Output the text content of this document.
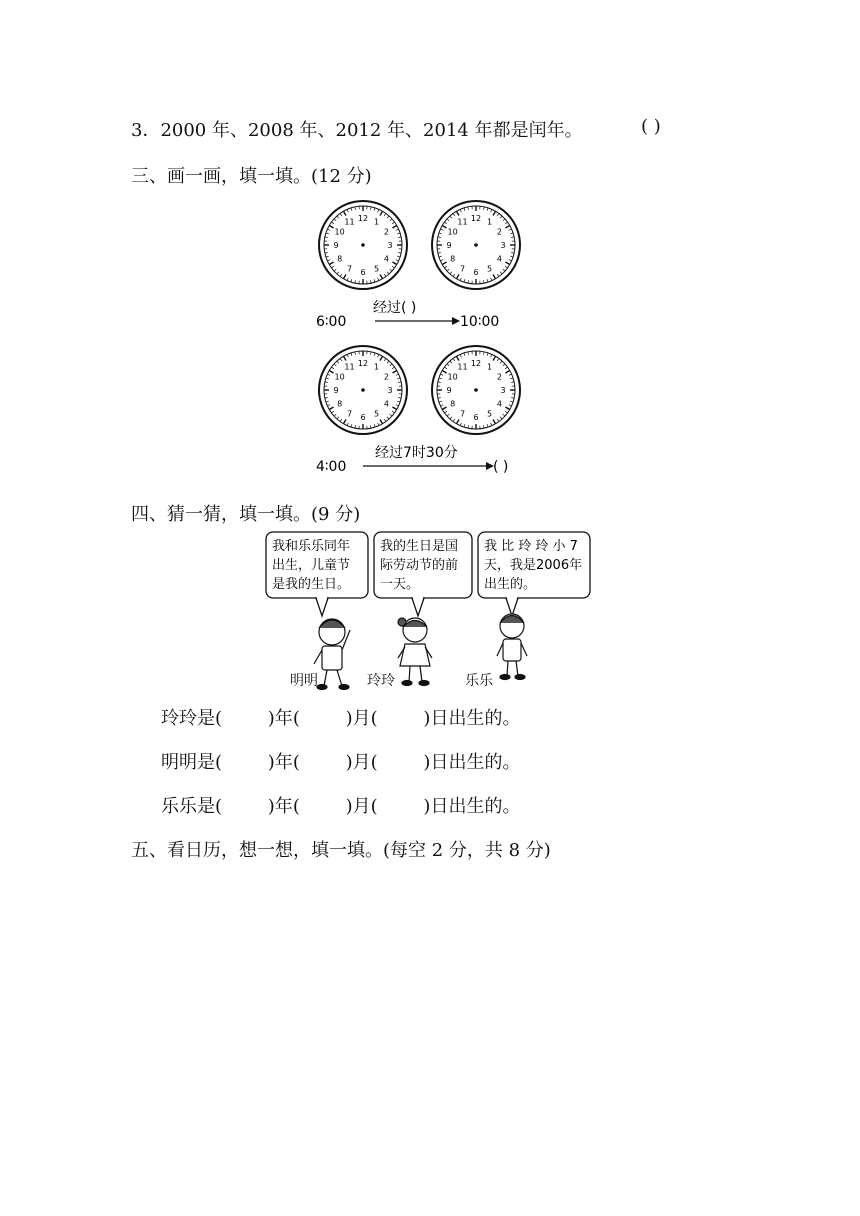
3．2000 年、2008 年、2012 年、2014 年都是闰年。	( )
三、画一画，填一填。(12 分)
12 1
2
3
4
5
6
7
8
9
10
11	12 1
2
3
4
5
6
7
8
9
10
11
12 1
2
3
4
5
6
7
8
9
10
11	12 1
2
3
4
5
6
7
8
9
10
11
6∶00
经过( )
10∶00
4∶00
经过7时30分
( )
四、猜一猜，填一填。(9 分)
我和乐乐同年
出生，儿童节
是我的生日。
我的生日是国
际劳动节的前
一天。
我 比 玲 玲 小 7
天，我是2006年
出生的。
明明	玲玲	乐乐
玲玲是(        )年(        )月(        )日出生的。
明明是(        )年(        )月(        )日出生的。
乐乐是(        )年(        )月(        )日出生的。
五、看日历，想一想，填一填。(每空 2 分，共 8 分)
